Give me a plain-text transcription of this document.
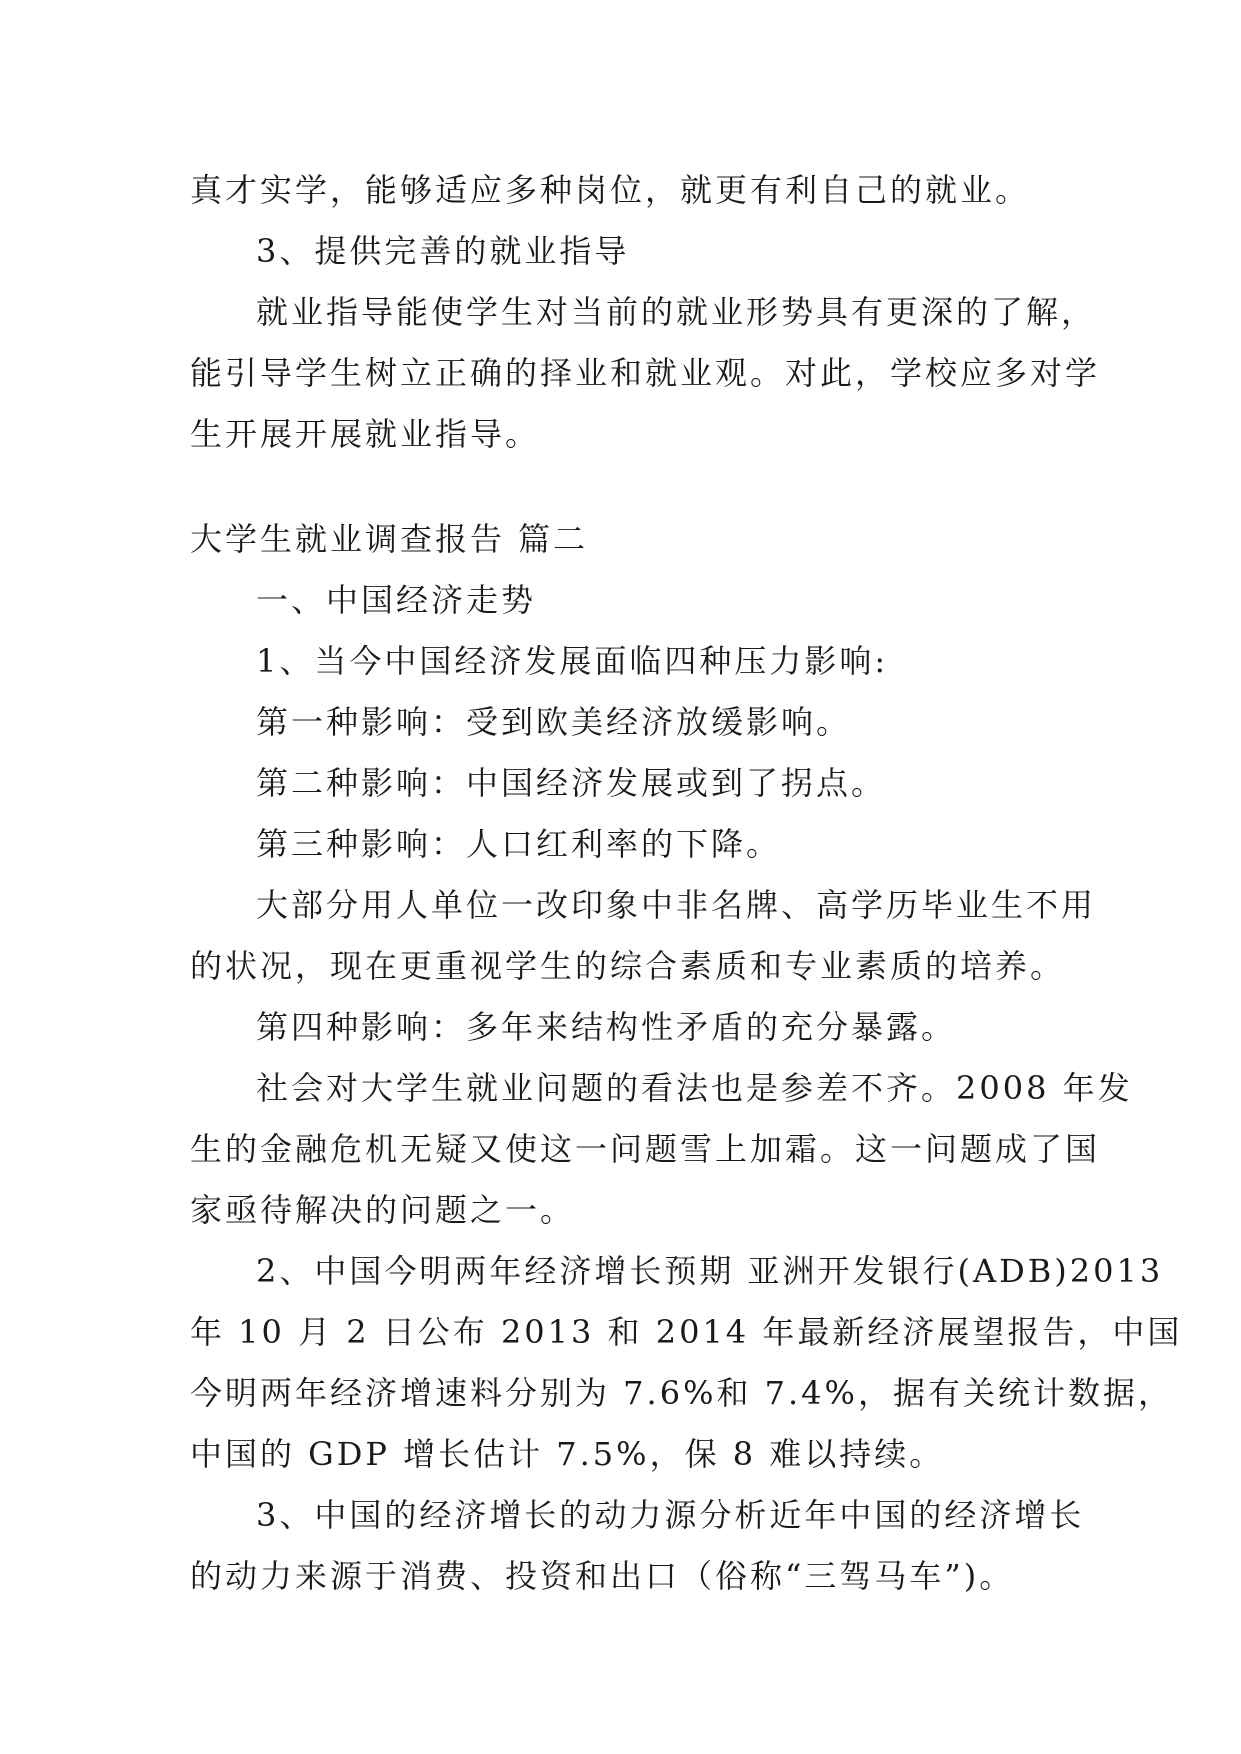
真才实学，能够适应多种岗位，就更有利自己的就业。
3、提供完善的就业指导
就业指导能使学生对当前的就业形势具有更深的了解，
能引导学生树立正确的择业和就业观。对此，学校应多对学
生开展开展就业指导。
大学生就业调查报告 篇二
一、中国经济走势
1、当今中国经济发展面临四种压力影响:
第一种影响：受到欧美经济放缓影响。
第二种影响：中国经济发展或到了拐点。
第三种影响：人口红利率的下降。
大部分用人单位一改印象中非名牌、高学历毕业生不用
的状况，现在更重视学生的综合素质和专业素质的培养。
第四种影响：多年来结构性矛盾的充分暴露。
社会对大学生就业问题的看法也是参差不齐。2008 年发
生的金融危机无疑又使这一问题雪上加霜。这一问题成了国
家亟待解决的问题之一。
2、中国今明两年经济增长预期 亚洲开发银行(ADB)2013
年 10 月 2 日公布 2013 和 2014 年最新经济展望报告，中国
今明两年经济增速料分别为 7.6%和 7.4%，据有关统计数据，
中国的 GDP 增长估计 7.5%，保 8 难以持续。
3、中国的经济增长的动力源分析近年中国的经济增长
的动力来源于消费、投资和出口（俗称“三驾马车”)。
